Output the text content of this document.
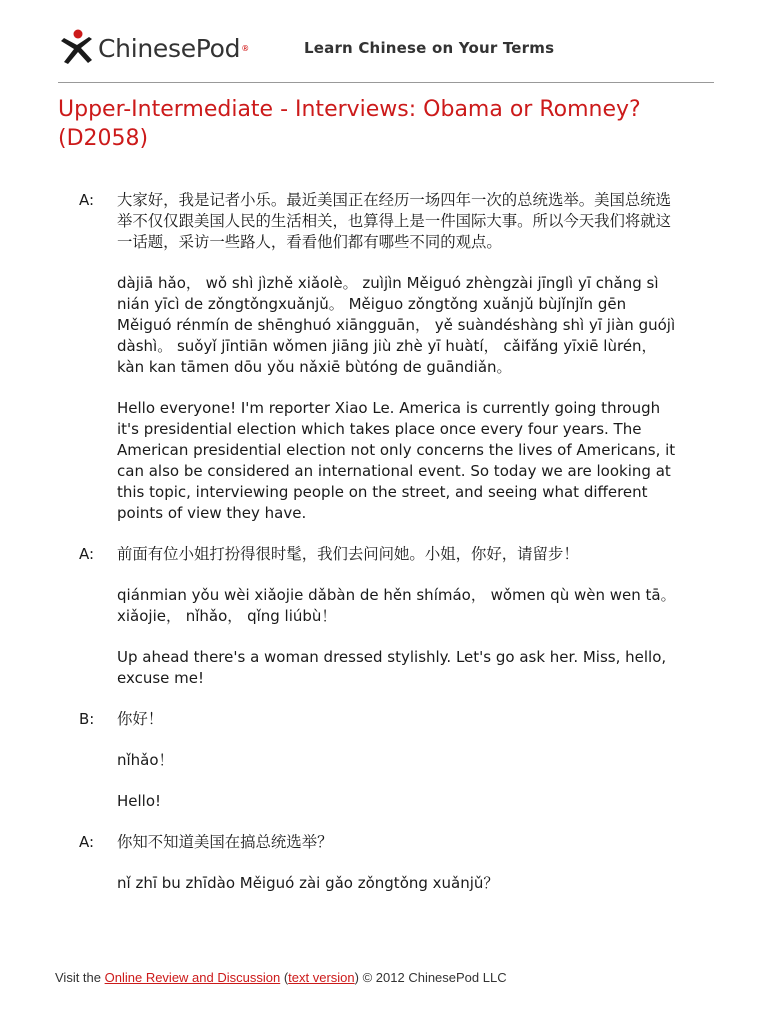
ChinesePod ®	Learn Chinese on Your Terms
Upper-Intermediate - Interviews: Obama or Romney?(D2058)
A: 大家好，我是记者小乐。最近美国正在经历一场四年一次的总统选举。美国总统选举不仅仅跟美国人民的生活相关，也算得上是一件国际大事。所以今天我们将就这一话题，采访一些路人，看看他们都有哪些不同的观点。

dàjiā hǎo， wǒ shì jìzhě xiǎolè。 zuìjìn Měiguó zhèngzài jīnglì yī chǎng sì nián yīcì de zǒngtǒngxuǎnjǔ。 Měiguo zǒngtǒng xuǎnjǔ bùjǐnjǐn gēn Měiguó rénmín de shēnghuó xiāngguān， yě suàndéshàng shì yī jiàn guójì dàshì。 suǒyǐ jīntiān wǒmen jiāng jiù zhè yī huàtí， cǎifǎng yīxiē lùrén， kàn kan tāmen dōu yǒu nǎxiē bùtóng de guāndiǎn。

Hello everyone! I'm reporter Xiao Le. America is currently going through it's presidential election which takes place once every four years. The American presidential election not only concerns the lives of Americans, it can also be considered an international event. So today we are looking at this topic, interviewing people on the street, and seeing what different points of view they have.

A: 前面有位小姐打扮得很时髦，我们去问问她。小姐，你好，请留步！

qiánmian yǒu wèi xiǎojie dǎbàn de hěn shímáo， wǒmen qù wèn wen tā。 xiǎojie， nǐhǎo， qǐng liúbù！

Up ahead there's a woman dressed stylishly. Let's go ask her. Miss, hello, excuse me!

B: 你好！

nǐhǎo！

Hello!

A: 你知不知道美国在搞总统选举？

nǐ zhī bu zhīdào Měiguó zài gǎo zǒngtǒng xuǎnjǔ？

Visit the Online Review and Discussion (text version) © 2012 ChinesePod LLC
